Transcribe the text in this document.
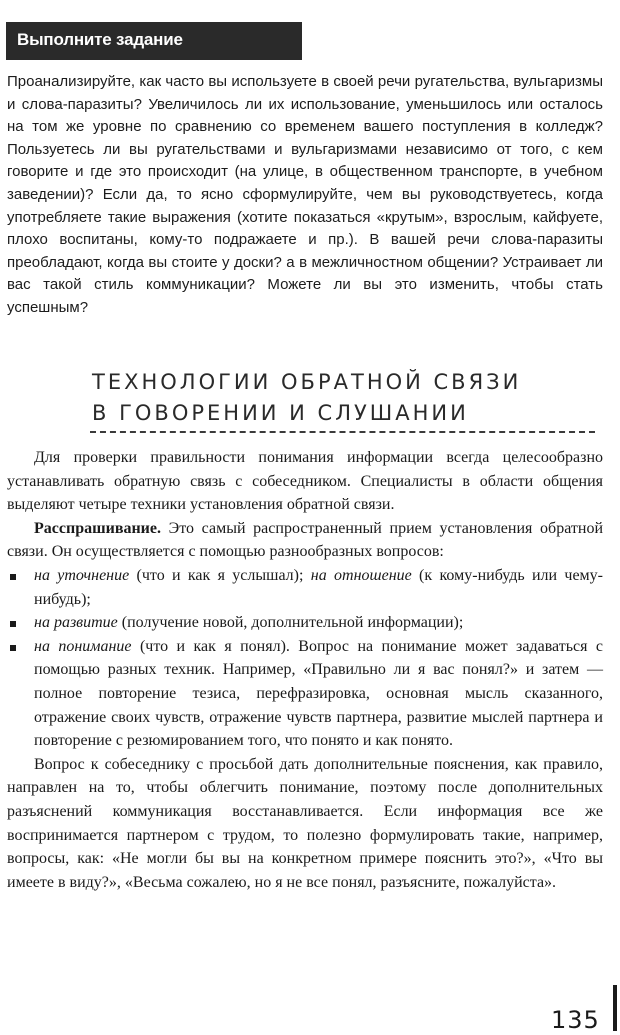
Выполните задание

Проанализируйте, как часто вы используете в своей речи ругательства, вульгаризмы и слова-паразиты? Увеличилось ли их использование, уменьшилось или осталось на том же уровне по сравнению со временем вашего поступления в колледж? Пользуетесь ли вы ругательствами и вульгаризмами независимо от того, с кем говорите и где это происходит (на улице, в общественном транспорте, в учебном заведении)? Если да, то ясно сформулируйте, чем вы руководствуетесь, когда употребляете такие выражения (хотите показаться «крутым», взрослым, кайфуете, плохо воспитаны, кому-то подражаете и пр.). В вашей речи слова-паразиты преобладают, когда вы стоите у доски? а в межличностном общении? Устраивает ли вас такой стиль коммуникации? Можете ли вы это изменить, чтобы стать успешным?

ТЕХНОЛОГИИ ОБРАТНОЙ СВЯЗИ
В ГОВОРЕНИИ И СЛУШАНИИ

Для проверки правильности понимания информации всегда целесообразно устанавливать обратную связь с собеседником. Специалисты в области общения выделяют четыре техники установления обратной связи.

Расспрашивание. Это самый распространенный прием установления обратной связи. Он осуществляется с помощью разнообразных вопросов:

на уточнение (что и как я услышал); на отношение (к кому-нибудь или чему-нибудь);
на развитие (получение новой, дополнительной информации);
на понимание (что и как я понял). Вопрос на понимание может задаваться с помощью разных техник. Например, «Правильно ли я вас понял?» и затем — полное повторение тезиса, перефразировка, основная мысль сказанного, отражение своих чувств, отражение чувств партнера, развитие мыслей партнера и повторение с резюмированием того, что понято и как понято.

Вопрос к собеседнику с просьбой дать дополнительные пояснения, как правило, направлен на то, чтобы облегчить понимание, поэтому после дополнительных разъяснений коммуникация восстанавливается. Если информация все же воспринимается партнером с трудом, то полезно формулировать такие, например, вопросы, как: «Не могли бы вы на конкретном примере пояснить это?», «Что вы имеете в виду?», «Весьма сожалею, но я не все понял, разъясните, пожалуйста».

135
